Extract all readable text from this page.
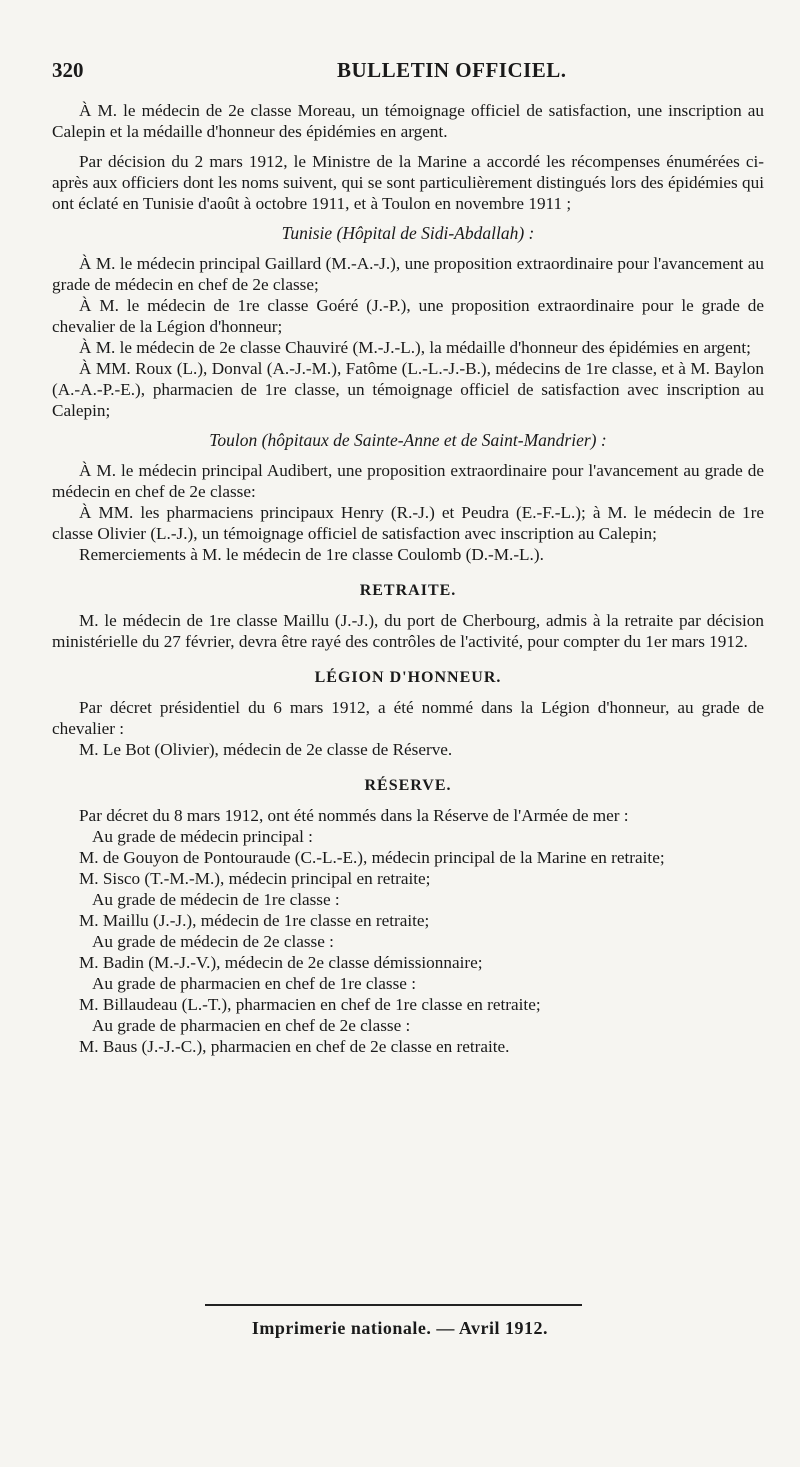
320	BULLETIN OFFICIEL.

À M. le médecin de 2e classe Moreau, un témoignage officiel de satisfaction, une inscription au Calepin et la médaille d'honneur des épidémies en argent.

Par décision du 2 mars 1912, le Ministre de la Marine a accordé les récompenses énumérées ci-après aux officiers dont les noms suivent, qui se sont particulièrement distingués lors des épidémies qui ont éclaté en Tunisie d'août à octobre 1911, et à Toulon en novembre 1911 ;

Tunisie (Hôpital de Sidi-Abdallah) :

À M. le médecin principal Gaillard (M.-A.-J.), une proposition extraordinaire pour l'avancement au grade de médecin en chef de 2e classe;

À M. le médecin de 1re classe Goéré (J.-P.), une proposition extraordinaire pour le grade de chevalier de la Légion d'honneur;

À M. le médecin de 2e classe Chauviré (M.-J.-L.), la médaille d'honneur des épidémies en argent;

À MM. Roux (L.), Donval (A.-J.-M.), Fatôme (L.-L.-J.-B.), médecins de 1re classe, et à M. Baylon (A.-A.-P.-E.), pharmacien de 1re classe, un témoignage officiel de satisfaction avec inscription au Calepin;

Toulon (hôpitaux de Sainte-Anne et de Saint-Mandrier) :

À M. le médecin principal Audibert, une proposition extraordinaire pour l'avancement au grade de médecin en chef de 2e classe:

À MM. les pharmaciens principaux Henry (R.-J.) et Peudra (E.-F.-L.); à M. le médecin de 1re classe Olivier (L.-J.), un témoignage officiel de satisfaction avec inscription au Calepin;

Remerciements à M. le médecin de 1re classe Coulomb (D.-M.-L.).

RETRAITE.

M. le médecin de 1re classe Maillu (J.-J.), du port de Cherbourg, admis à la retraite par décision ministérielle du 27 février, devra être rayé des contrôles de l'activité, pour compter du 1er mars 1912.

LÉGION D'HONNEUR.

Par décret présidentiel du 6 mars 1912, a été nommé dans la Légion d'honneur, au grade de chevalier :

M. Le Bot (Olivier), médecin de 2e classe de Réserve.

RÉSERVE.

Par décret du 8 mars 1912, ont été nommés dans la Réserve de l'Armée de mer :

Au grade de médecin principal :

M. de Gouyon de Pontouraude (C.-L.-E.), médecin principal de la Marine en retraite;

M. Sisco (T.-M.-M.), médecin principal en retraite;

Au grade de médecin de 1re classe :

M. Maillu (J.-J.), médecin de 1re classe en retraite;

Au grade de médecin de 2e classe :

M. Badin (M.-J.-V.), médecin de 2e classe démissionnaire;

Au grade de pharmacien en chef de 1re classe :

M. Billaudeau (L.-T.), pharmacien en chef de 1re classe en retraite;

Au grade de pharmacien en chef de 2e classe :

M. Baus (J.-J.-C.), pharmacien en chef de 2e classe en retraite.

Imprimerie nationale. — Avril 1912.
